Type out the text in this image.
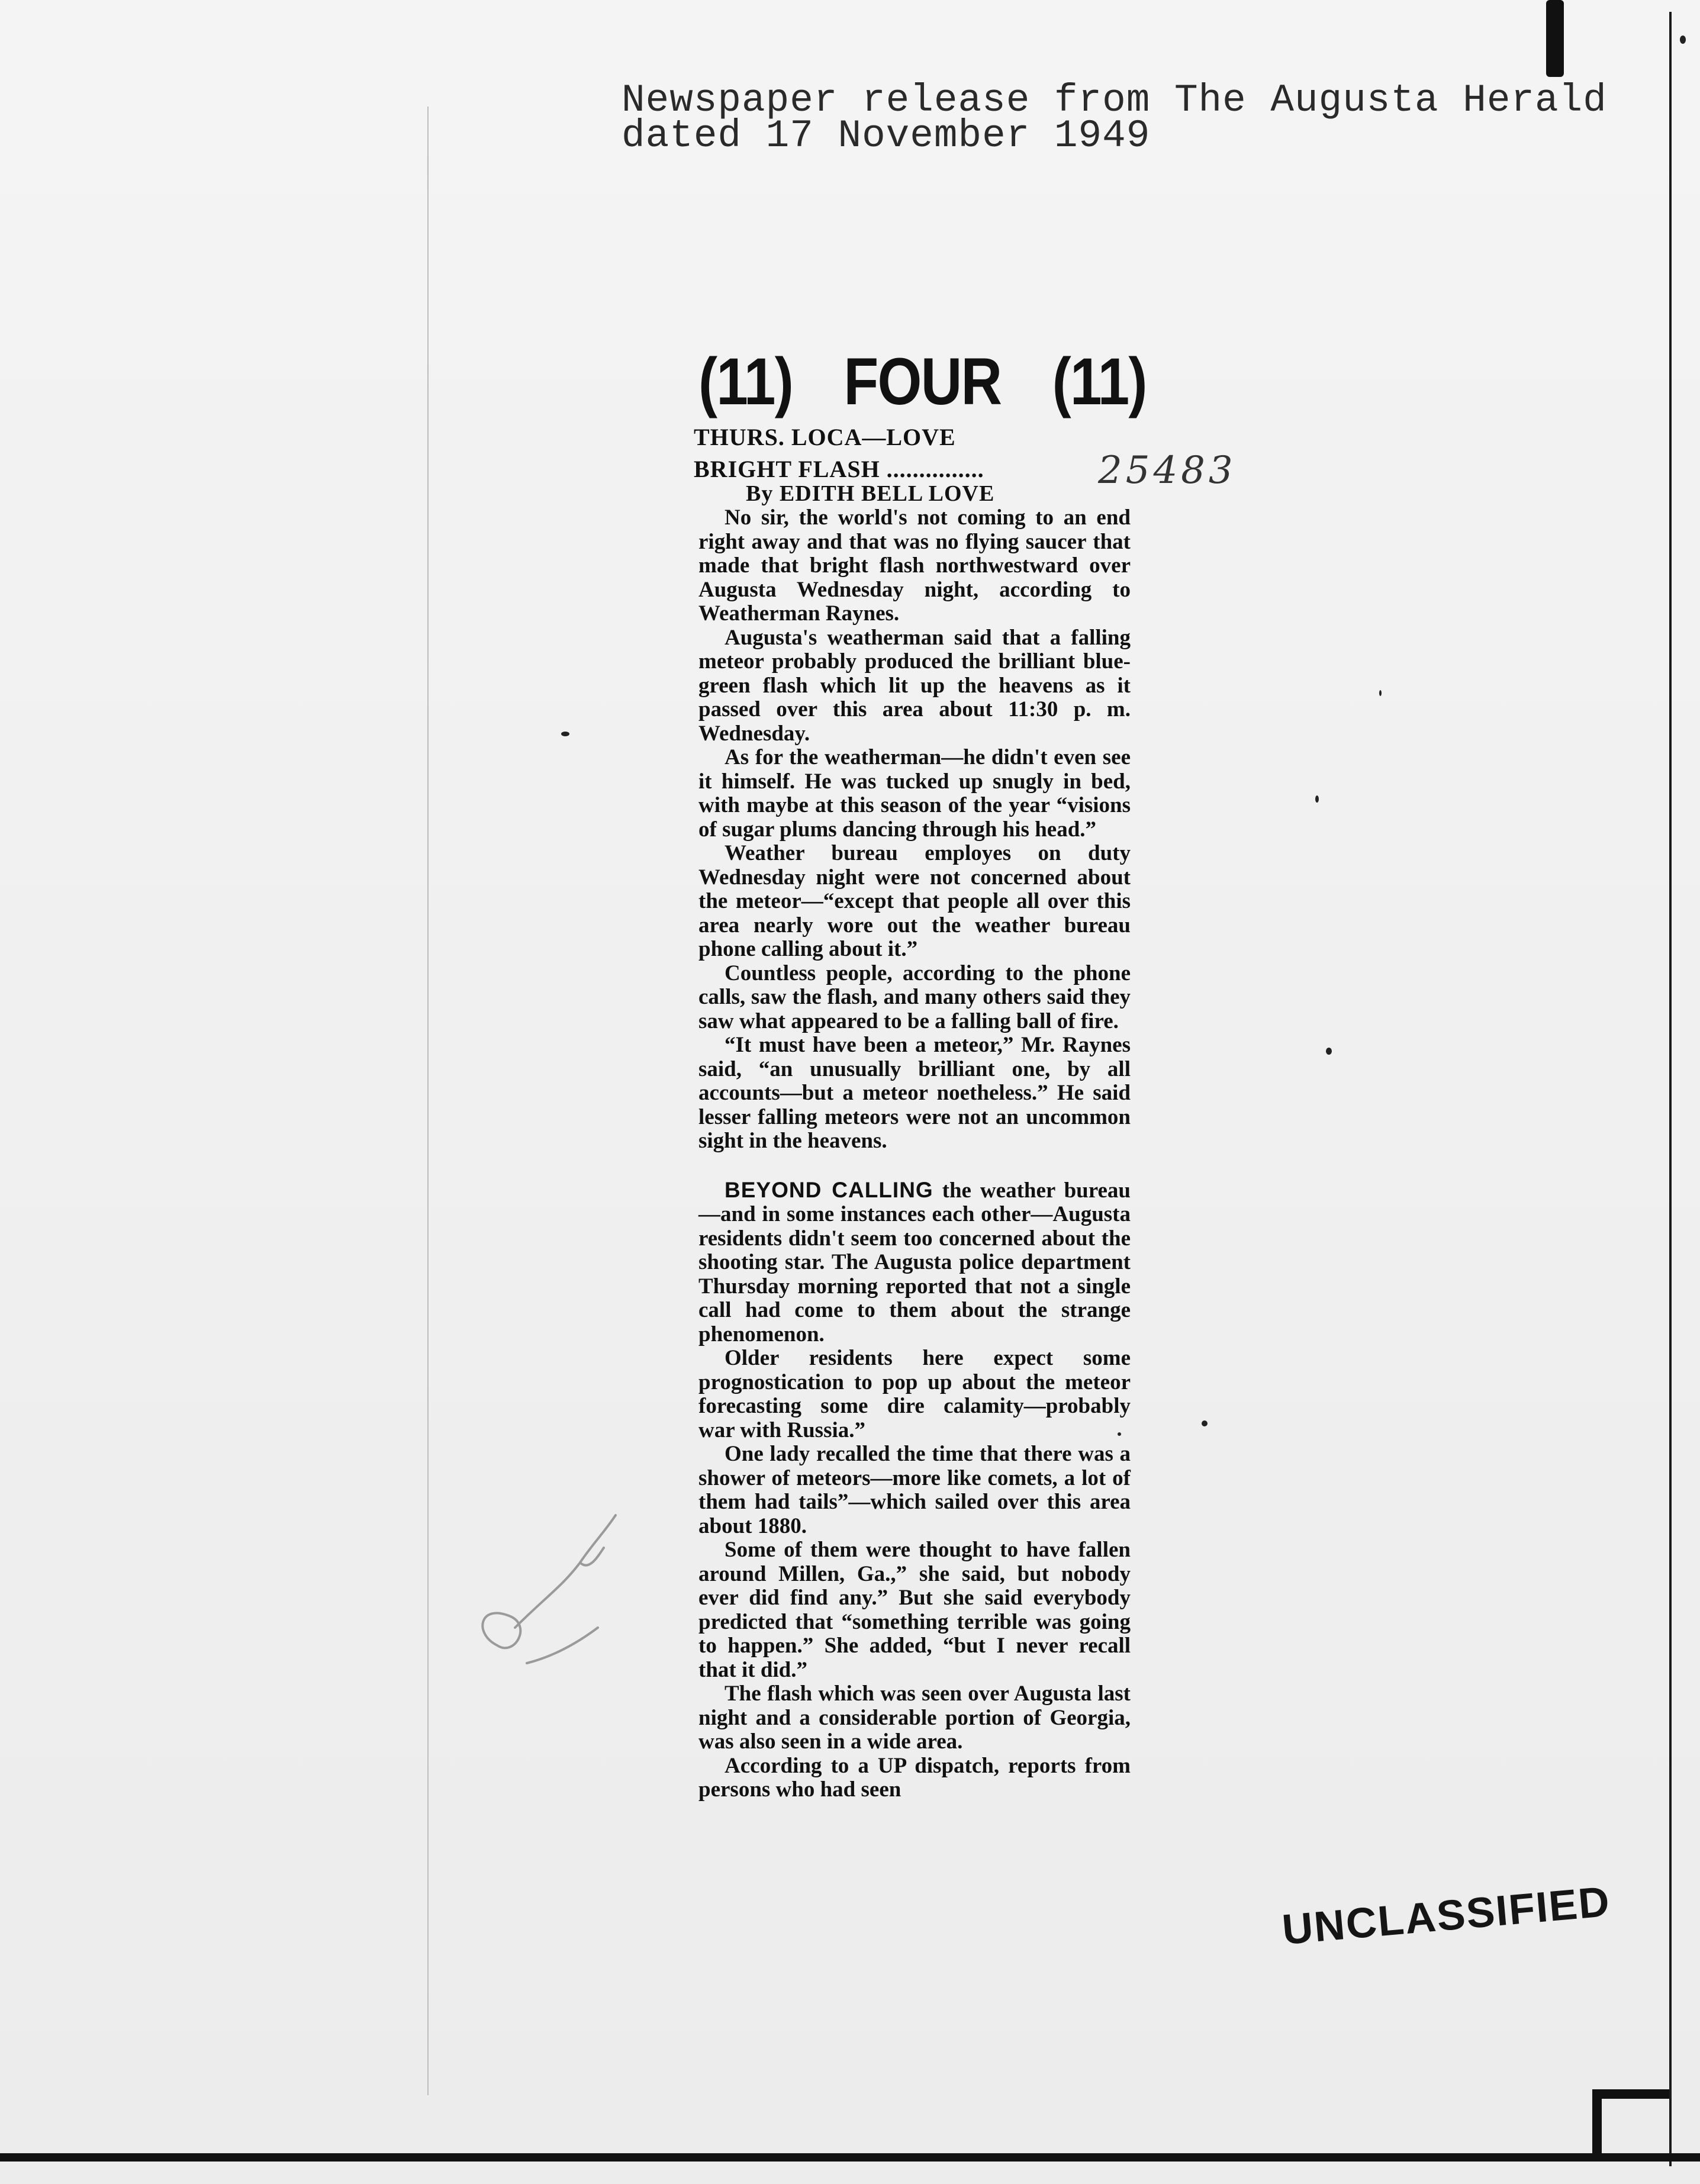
Newspaper release from The Augusta Herald
dated 17 November 1949
25483
(11) FOUR (11)
THURS. LOCA—LOVE
BRIGHT FLASH ...............
By EDITH BELL LOVE

No sir, the world's not coming to an end right away and that was no flying saucer that made that bright flash northwestward over Augusta Wednesday night, according to Weatherman Raynes.

Augusta's weatherman said that a falling meteor probably produced the brilliant blue-green flash which lit up the heavens as it passed over this area about 11:30 p. m. Wednesday.

As for the weatherman—he didn't even see it himself. He was tucked up snugly in bed, with maybe at this season of the year “visions of sugar plums dancing through his head.”

Weather bureau employes on duty Wednesday night were not concerned about the meteor—“except that people all over this area nearly wore out the weather bureau phone calling about it.”

Countless people, according to the phone calls, saw the flash, and many others said they saw what appeared to be a falling ball of fire.

“It must have been a meteor,” Mr. Raynes said, “an unusually brilliant one, by all accounts—but a meteor noetheless.” He said lesser falling meteors were not an uncommon sight in the heavens.

BEYOND CALLING the weather bureau—and in some instances each other—Augusta residents didn't seem too concerned about the shooting star. The Augusta police department Thursday morning reported that not a single call had come to them about the strange phenomenon.

Older residents here expect some prognostication to pop up about the meteor forecasting some dire calamity—probably war with Russia.”

One lady recalled the time that there was a shower of meteors—more like comets, a lot of them had tails”—which sailed over this area about 1880.

Some of them were thought to have fallen around Millen, Ga.,” she said, but nobody ever did find any.” But she said everybody predicted that “something terrible was going to happen.” She added, “but I never recall that it did.”

The flash which was seen over Augusta last night and a considerable portion of Georgia, was also seen in a wide area.

According to a UP dispatch, reports from persons who had seen

UNCLASSIFIED
